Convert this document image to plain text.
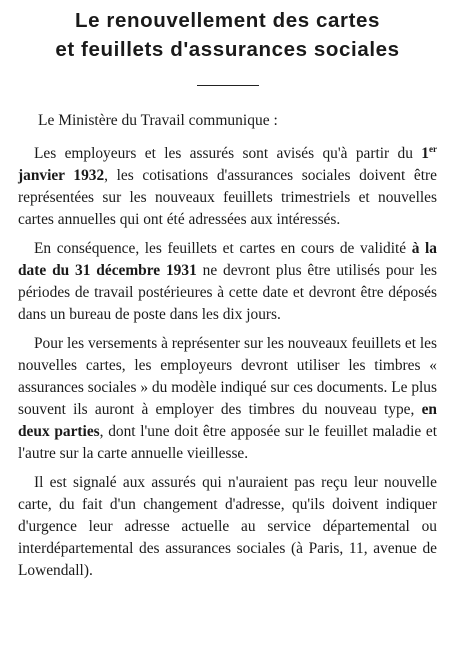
Le renouvellement des cartes
et feuillets d'assurances sociales

Le Ministère du Travail communique :

Les employeurs et les assurés sont avisés qu'à partir du 1er janvier 1932, les cotisations d'assurances sociales doivent être représentées sur les nouveaux feuillets trimestriels et nouvelles cartes annuelles qui ont été adressées aux intéressés.

En conséquence, les feuillets et cartes en cours de validité à la date du 31 décembre 1931 ne devront plus être utilisés pour les périodes de travail postérieures à cette date et devront être déposés dans un bureau de poste dans les dix jours.

Pour les versements à représenter sur les nouveaux feuillets et les nouvelles cartes, les employeurs devront utiliser les timbres « assurances sociales » du modèle indiqué sur ces documents. Le plus souvent ils auront à employer des timbres du nouveau type, en deux parties, dont l'une doit être apposée sur le feuillet maladie et l'autre sur la carte annuelle vieillesse.

Il est signalé aux assurés qui n'auraient pas reçu leur nouvelle carte, du fait d'un changement d'adresse, qu'ils doivent indiquer d'urgence leur adresse actuelle au service départemental ou interdépartemental des assurances sociales (à Paris, 11, avenue de Lowendall).
